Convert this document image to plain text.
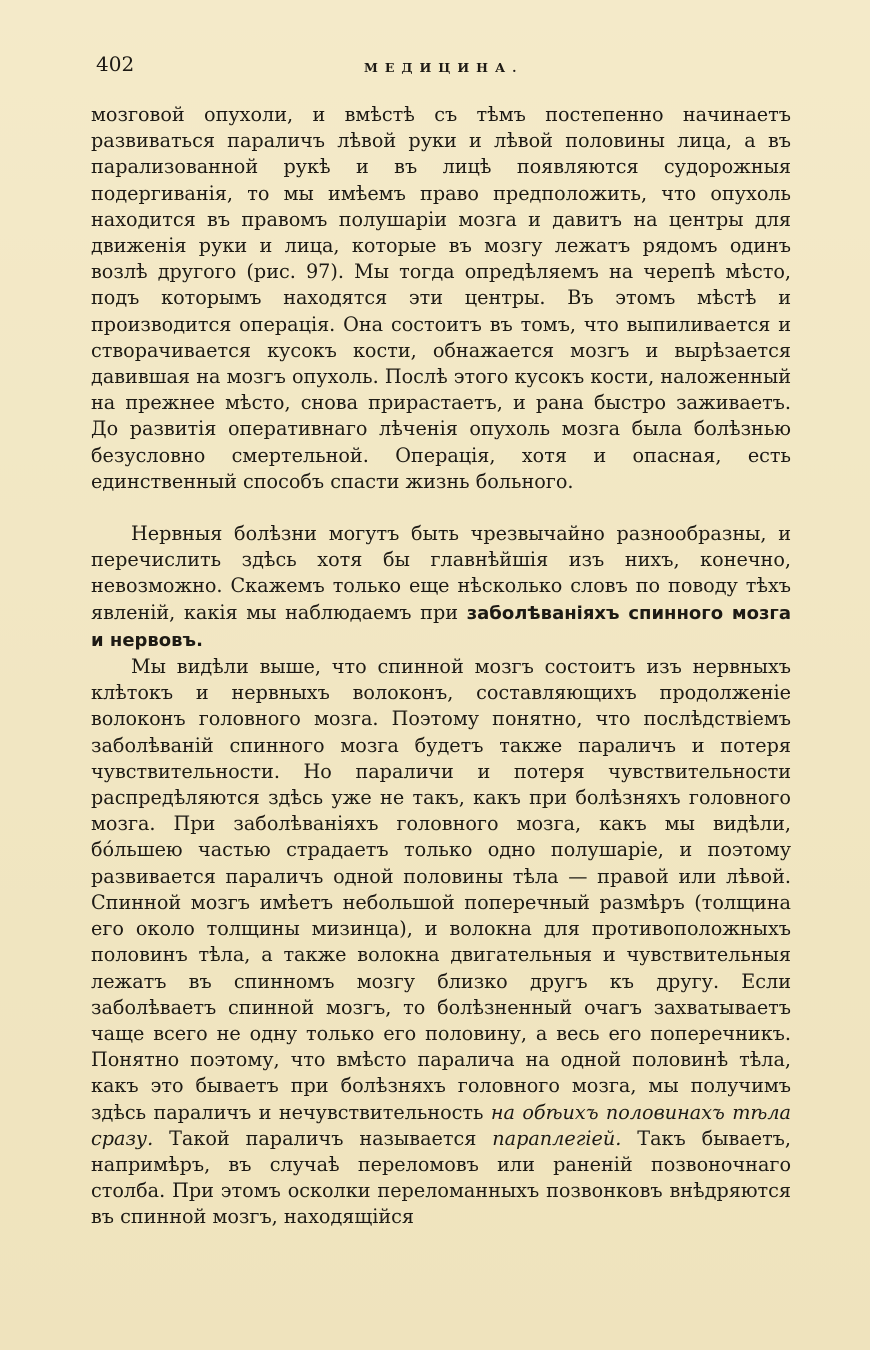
402	МЕДИЦИНА.

мозговой опухоли, и вмѣстѣ съ тѣмъ постепенно начинаетъ развиваться параличъ лѣвой руки и лѣвой половины лица, а въ парализованной рукѣ и въ лицѣ появляются судорожныя подергиванія, то мы имѣемъ право предположить, что опухоль находится въ правомъ полушаріи мозга и давитъ на центры для движенія руки и лица, которые въ мозгу лежатъ рядомъ одинъ возлѣ другого (рис. 97). Мы тогда опредѣляемъ на черепѣ мѣсто, подъ которымъ находятся эти центры. Въ этомъ мѣстѣ и производится операція. Она состоитъ въ томъ, что выпиливается и створачивается кусокъ кости, обнажается мозгъ и вырѣзается давившая на мозгъ опухоль. Послѣ этого кусокъ кости, наложенный на прежнее мѣсто, снова прирастаетъ, и рана быстро заживаетъ. До развитія оперативнаго лѣченія опухоль мозга была болѣзнью безусловно смертельной. Операція, хотя и опасная, есть единственный способъ спасти жизнь больного.

Нервныя болѣзни могутъ быть чрезвычайно разнообразны, и перечислить здѣсь хотя бы главнѣйшія изъ нихъ, конечно, невозможно. Скажемъ только еще нѣсколько словъ по поводу тѣхъ явленій, какія мы наблюдаемъ при заболѣваніяхъ спинного мозга и нервовъ.

Мы видѣли выше, что спинной мозгъ состоитъ изъ нервныхъ клѣтокъ и нервныхъ волоконъ, составляющихъ продолженіе волоконъ головного мозга. Поэтому понятно, что послѣдствіемъ заболѣваній спинного мозга будетъ также параличъ и потеря чувствительности. Но параличи и потеря чувствительности распредѣляются здѣсь уже не такъ, какъ при болѣзняхъ головного мозга. При заболѣваніяхъ головного мозга, какъ мы видѣли, бóльшею частью страдаетъ только одно полушаріе, и поэтому развивается параличъ одной половины тѣла — правой или лѣвой. Спинной мозгъ имѣетъ небольшой поперечный размѣръ (толщина его около толщины мизинца), и волокна для противоположныхъ половинъ тѣла, а также волокна двигательныя и чувствительныя лежатъ въ спинномъ мозгу близко другъ къ другу. Если заболѣваетъ спинной мозгъ, то болѣзненный очагъ захватываетъ чаще всего не одну только его половину, а весь его поперечникъ. Понятно поэтому, что вмѣсто паралича на одной половинѣ тѣла, какъ это бываетъ при болѣзняхъ головного мозга, мы получимъ здѣсь параличъ и нечувствительность на обѣихъ половинахъ тѣла сразу. Такой параличъ называется параплегіей. Такъ бываетъ, напримѣръ, въ случаѣ переломовъ или раненій позвоночнаго столба. При этомъ осколки переломанныхъ позвонковъ внѣдряются въ спинной мозгъ, находящійся
